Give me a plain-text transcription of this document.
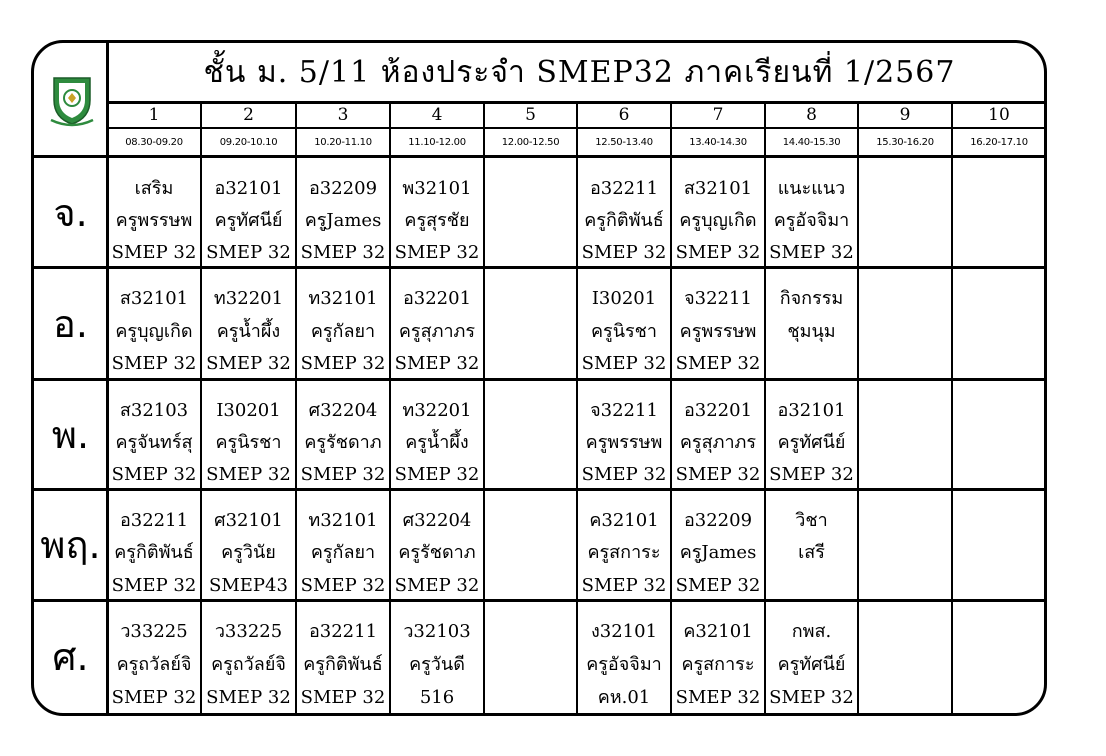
ชั้น ม. 5/11 ห้องประจำ SMEP32 ภาคเรียนที่ 1/2567
1
08.30-09.20
2
09.20-10.10
3
10.20-11.10
4
11.10-12.00
5
12.00-12.50
6
12.50-13.40
7
13.40-14.30
8
14.40-15.30
9
15.30-16.20
10
16.20-17.10
จ.
เสริม
ครูพรรษพ
SMEP 32
อ32101
ครูทัศนีย์
SMEP 32
อ32209
ครูJames
SMEP 32
พ32101
ครูสุรชัย
SMEP 32
อ32211
ครูกิติพันธ์
SMEP 32
ส32101
ครูบุญเกิด
SMEP 32
แนะแนว
ครูอัจจิมา
SMEP 32
อ.
ส32101
ครูบุญเกิด
SMEP 32
ท32201
ครูน้ำผึ้ง
SMEP 32
ท32101
ครูกัลยา
SMEP 32
อ32201
ครูสุภาภร
SMEP 32
I30201
ครูนิรชา
SMEP 32
จ32211
ครูพรรษพ
SMEP 32
กิจกรรม
ชุมนุม
พ.
ส32103
ครูจันทร์สุ
SMEP 32
I30201
ครูนิรชา
SMEP 32
ศ32204
ครูรัชดาภ
SMEP 32
ท32201
ครูน้ำผึ้ง
SMEP 32
จ32211
ครูพรรษพ
SMEP 32
อ32201
ครูสุภาภร
SMEP 32
อ32101
ครูทัศนีย์
SMEP 32
พฤ.
อ32211
ครูกิติพันธ์
SMEP 32
ศ32101
ครูวินัย
SMEP43
ท32101
ครูกัลยา
SMEP 32
ศ32204
ครูรัชดาภ
SMEP 32
ค32101
ครูสการะ
SMEP 32
อ32209
ครูJames
SMEP 32
วิชา
เสรี
ศ.
ว33225
ครูถวัลย์จิ
SMEP 32
ว33225
ครูถวัลย์จิ
SMEP 32
อ32211
ครูกิติพันธ์
SMEP 32
ว32103
ครูวันดี
516
ง32101
ครูอัจจิมา
คห.01
ค32101
ครูสการะ
SMEP 32
กพส.
ครูทัศนีย์
SMEP 32
